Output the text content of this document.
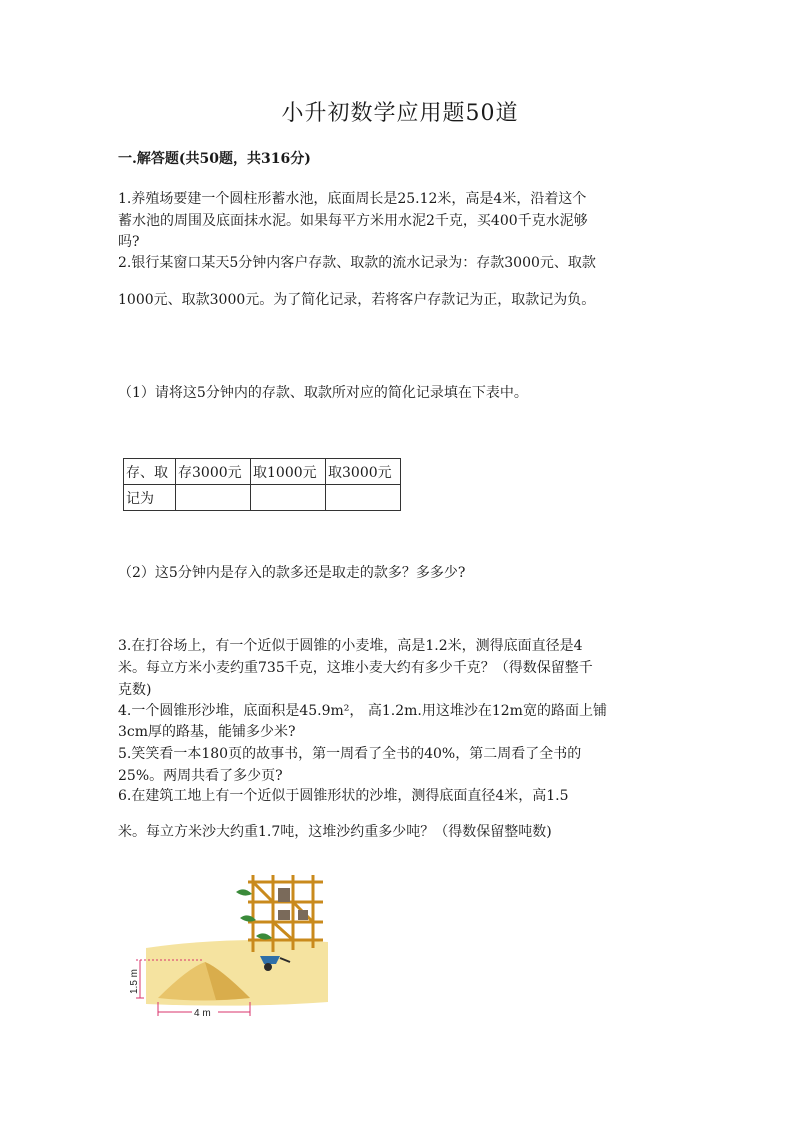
小升初数学应用题50道
一.解答题(共50题，共316分)
1.养殖场要建一个圆柱形蓄水池，底面周长是25.12米，高是4米，沿着这个
蓄水池的周围及底面抹水泥。如果每平方米用水泥2千克，买400千克水泥够
吗?
2.银行某窗口某天5分钟内客户存款、取款的流水记录为：存款3000元、取款
1000元、取款3000元。为了简化记录，若将客户存款记为正，取款记为负。
（1）请将这5分钟内的存款、取款所对应的简化记录填在下表中。
存、取	存3000元	取1000元	取3000元
记为			
（2）这5分钟内是存入的款多还是取走的款多？多多少?
3.在打谷场上，有一个近似于圆锥的小麦堆，高是1.2米，测得底面直径是4
米。每立方米小麦约重735千克，这堆小麦大约有多少千克？（得数保留整千
克数)
4.一个圆锥形沙堆，底面积是45.9m²， 高1.2m.用这堆沙在12m宽的路面上铺
3cm厚的路基，能铺多少米?
5.笑笑看一本180页的故事书，第一周看了全书的40%，第二周看了全书的
25%。两周共看了多少页?
6.在建筑工地上有一个近似于圆锥形状的沙堆，测得底面直径4米，高1.5
米。每立方米沙大约重1.7吨，这堆沙约重多少吨？（得数保留整吨数)
1.5 m
4 m
